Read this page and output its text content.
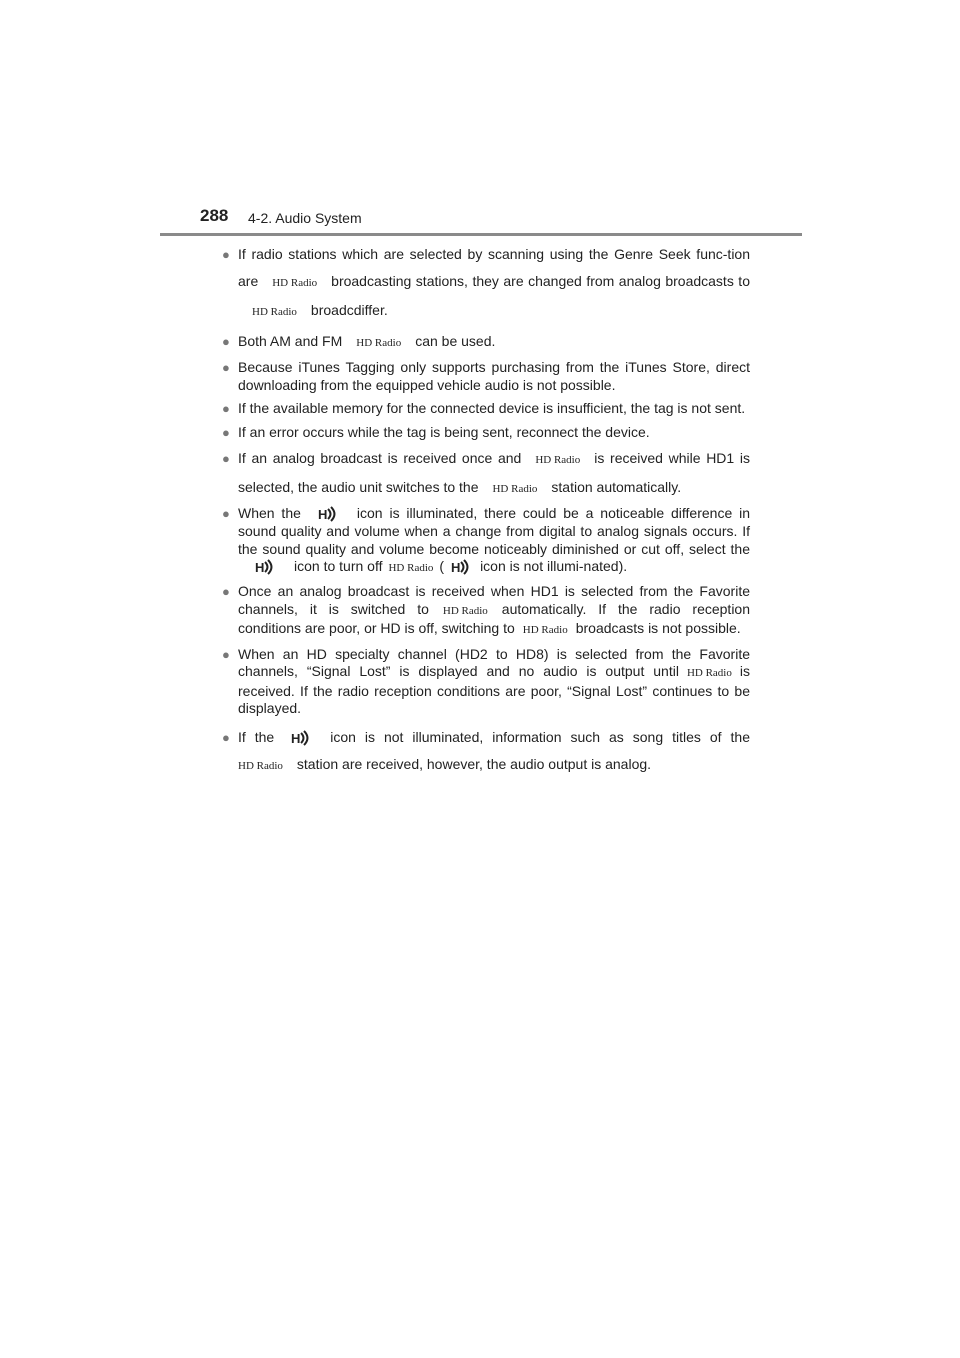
288 4-2. Audio System
● If radio stations which are selected by scanning using the Genre Seek func-tion are HD Radio broadcasting stations, they are changed from analog broadcasts toHD Radio broadcdiffer.
● Both AM and FM HD Radio can be used.
● Because iTunes Tagging only supports purchasing from the iTunes Store, direct downloading from the equipped vehicle audio is not possible.
● If the available memory for the connected device is insufficient, the tag is not sent.
● If an error occurs while the tag is being sent, reconnect the device.
● If an analog broadcast is received once and HD Radio is received while HD1 is selected, the audio unit switches to the HD Radio station automatically.
● When the H icon is illuminated, there could be a noticeable difference in sound quality and volume when a change from digital to analog signals occurs. If the sound quality and volume become noticeably diminished or cut off, select the
H icon to turn off HD Radio ( H icon is not illumi-nated).
● Once an analog broadcast is received when HD1 is selected from the Favorite channels, it is switched to HD Radio automatically. If the radio reception conditions are poor, or HD is off, switching to HD Radio broadcasts is not possible.
● When an HD specialty channel (HD2 to HD8) is selected from the Favorite channels, “Signal Lost” is displayed and no audio is output until HD Radio is received. If the radio reception conditions are poor, “Signal Lost” continues to be displayed.
● If the H icon is not illuminated, information such as song titles of theHD Radio station are received, however, the audio output is analog.
